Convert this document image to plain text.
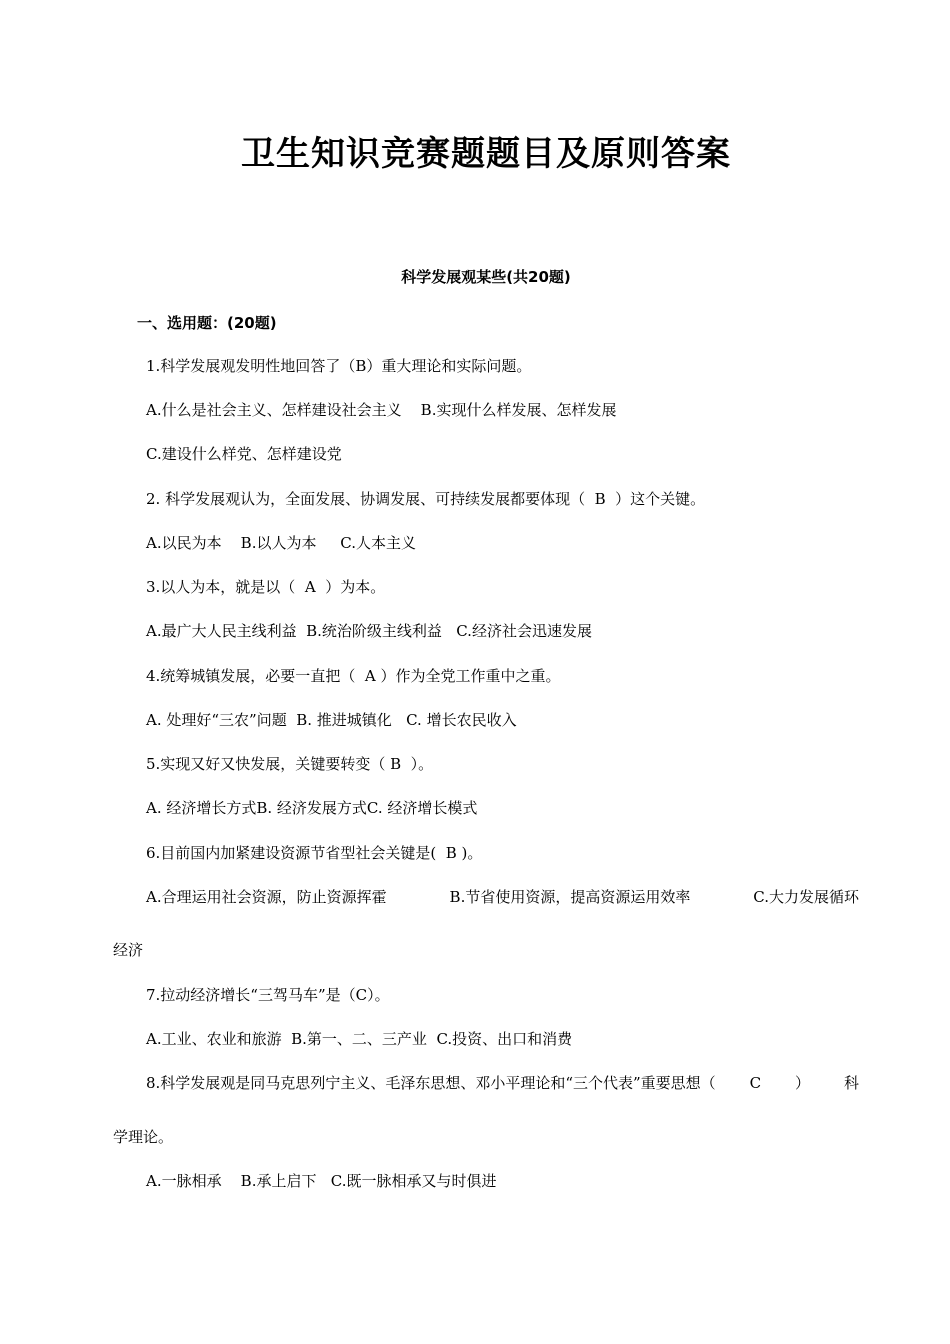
卫生知识竞赛题题目及原则答案
科学发展观某些(共20题)
一、选用题：(20题)

1.科学发展观发明性地回答了（B）重大理论和实际问题。

A.什么是社会主义、怎样建设社会主义    B.实现什么样发展、怎样发展

C.建设什么样党、怎样建设党

2. 科学发展观认为，全面发展、协调发展、可持续发展都要体现（  B  ）这个关键。

A.以民为本    B.以人为本     C.人本主义

3.以人为本，就是以（  A  ）为本。

A.最广大人民主线利益  B.统治阶级主线利益   C.经济社会迅速发展

4.统筹城镇发展，必要一直把（  A ）作为全党工作重中之重。

A. 处理好“三农”问题  B. 推进城镇化   C. 增长农民收入

5.实现又好又快发展，关键要转变（ B  ）。

A. 经济增长方式B. 经济发展方式C. 经济增长模式

6.目前国内加紧建设资源节省型社会关键是(  B )。

A.合理运用社会资源，防止资源挥霍	B.节省使用资源，提高资源运用效率	C.大力发展循环

经济

7.拉动经济增长“三驾马车”是（C）。

A.工业、农业和旅游  B.第一、二、三产业  C.投资、出口和消费

8.科学发展观是同马克思列宁主义、毛泽东思想、邓小平理论和“三个代表”重要思想（ C ） 科

学理论。

A.一脉相承    B.承上启下   C.既一脉相承又与时俱进
